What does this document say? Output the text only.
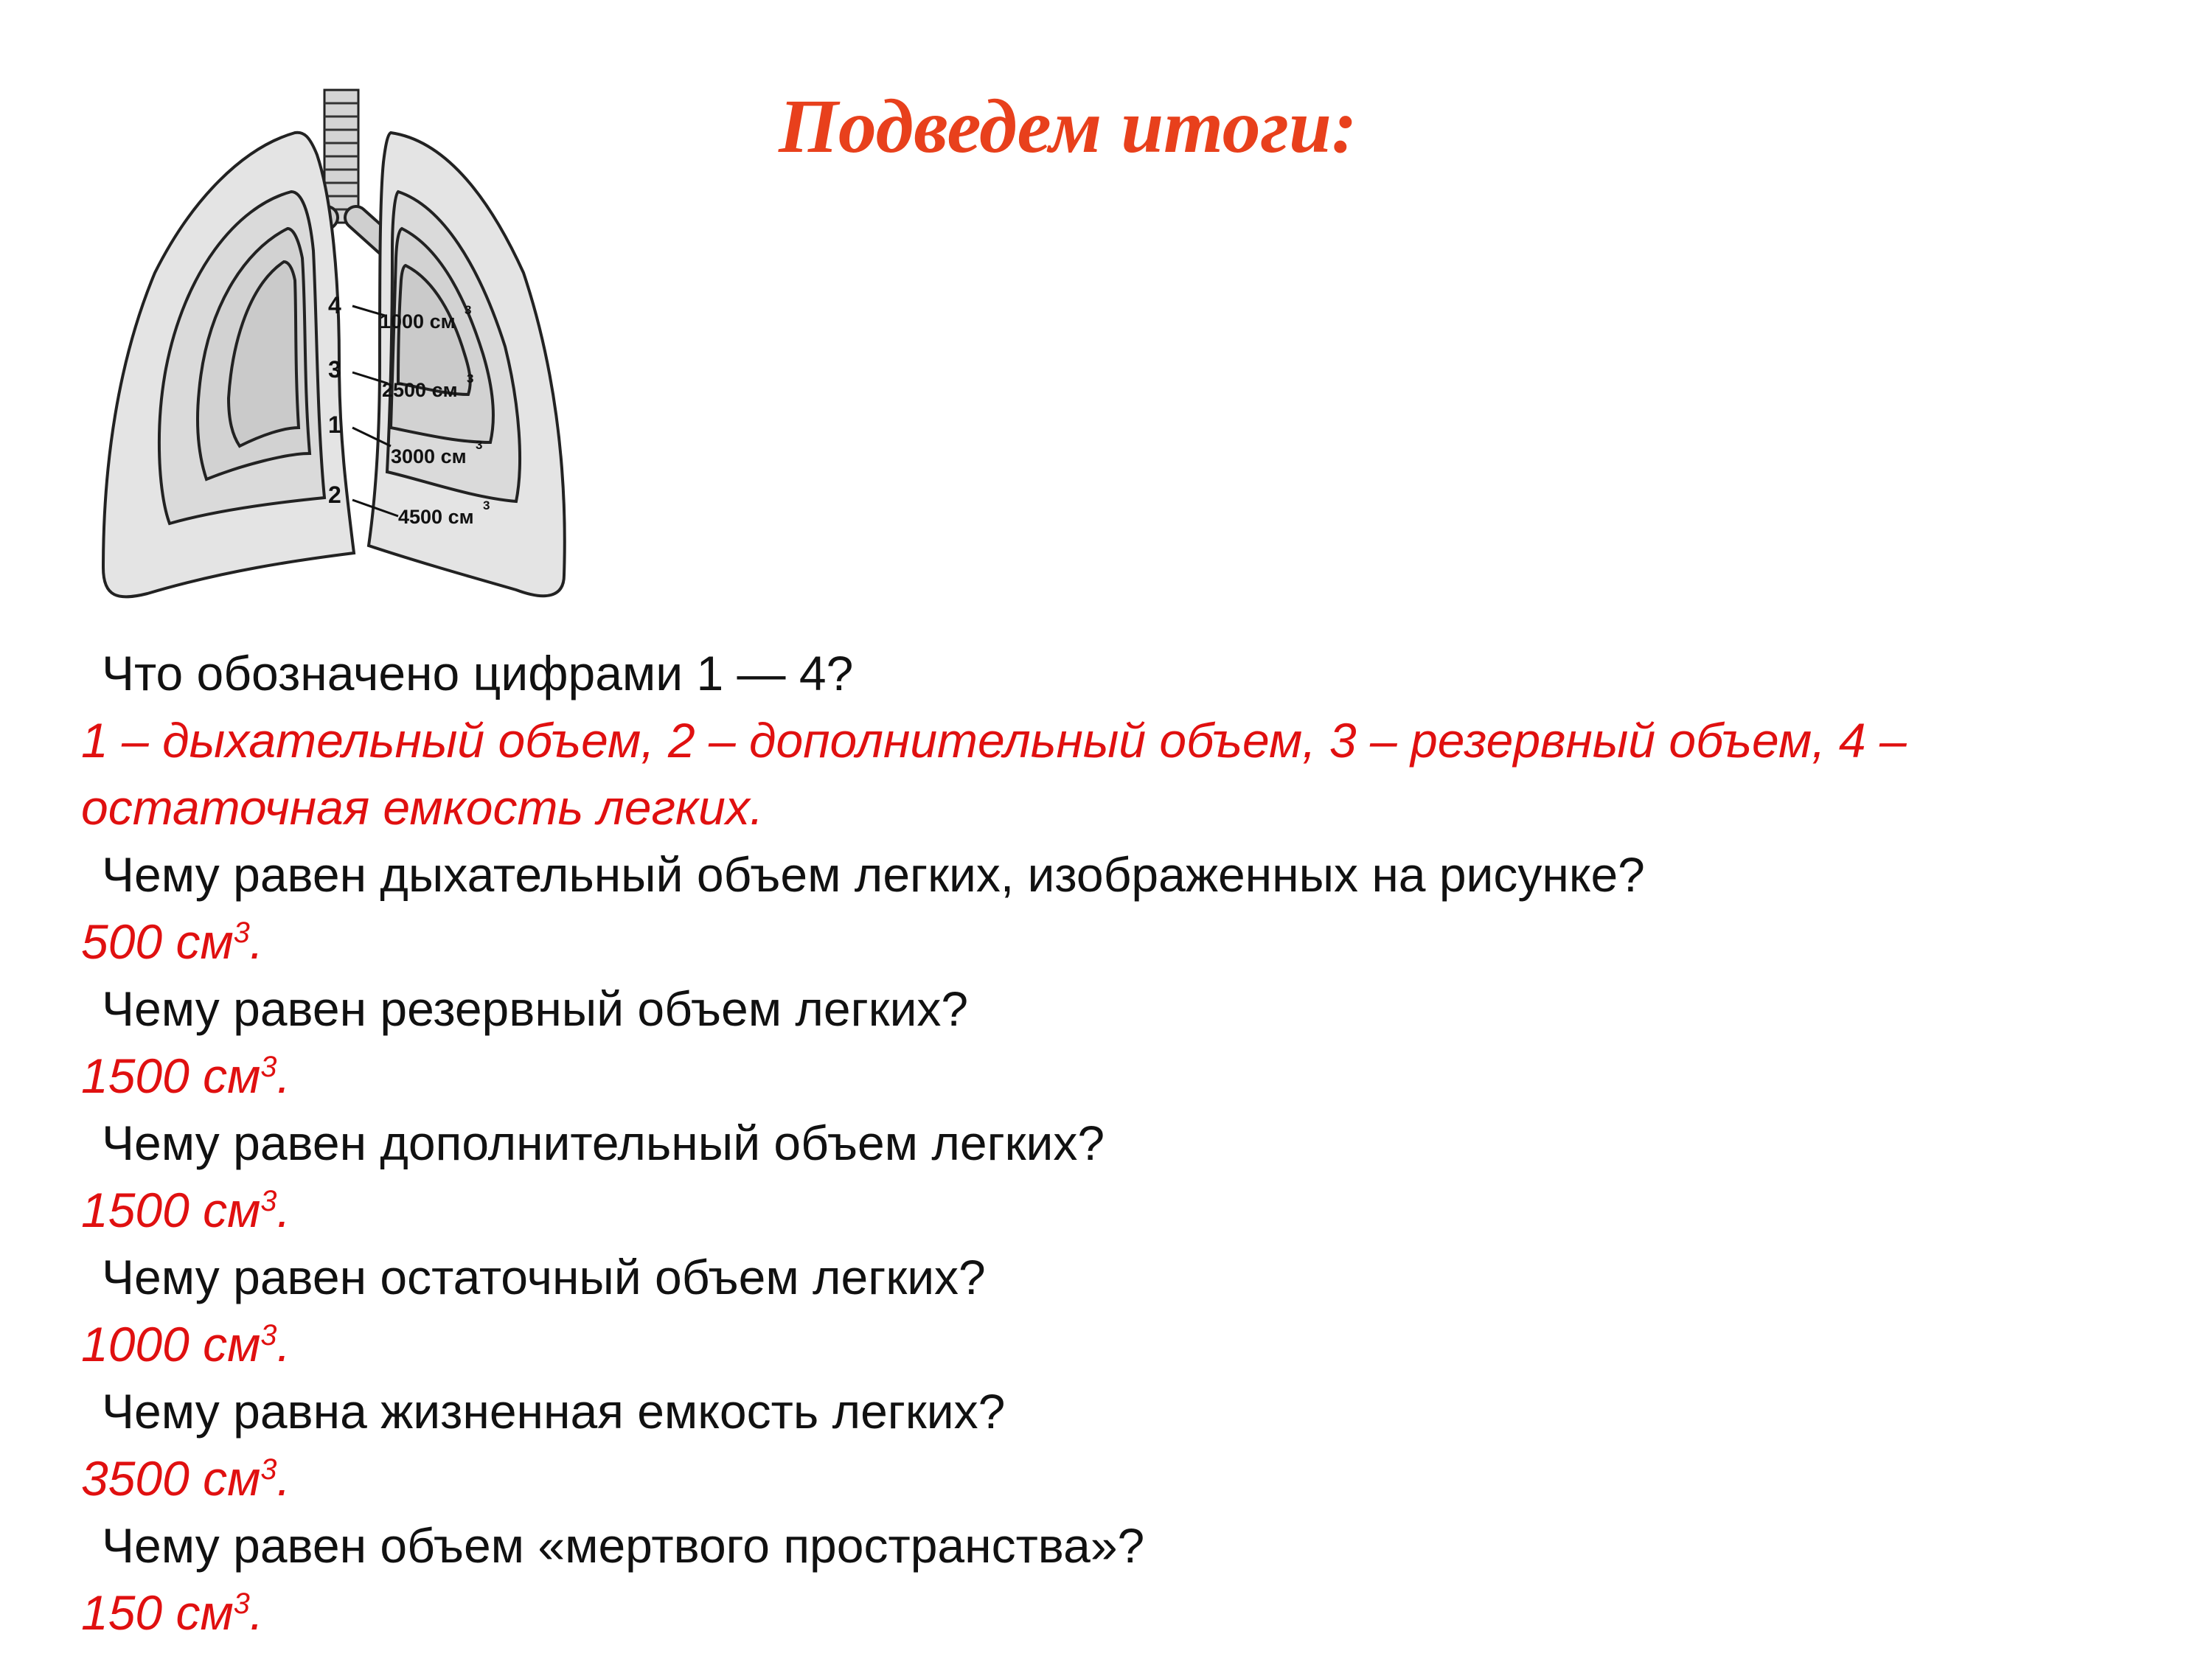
Подведем итоги:
4
3
1
2
1000 см
3
2500 см
3
3000 см
3
4500 см
3

Что обозначено цифрами 1 — 4?

1 – дыхательный объем, 2 – дополнительный объем, 3 – резервный объем, 4 – остаточная емкость легких.

Чему равен дыхательный объем легких, изображенных на рисунке?

500 $см^3$.

Чему равен резервный объем легких?

1500 $см^3$.

Чему равен дополнительный объем легких?

1500 $см^3$.

Чему равен остаточный объем легких?

1000 $см^3$.

Чему равна жизненная емкость легких?

3500 $см^3$.

Чему равен объем «мертвого пространства»?

150 $см^3$.
